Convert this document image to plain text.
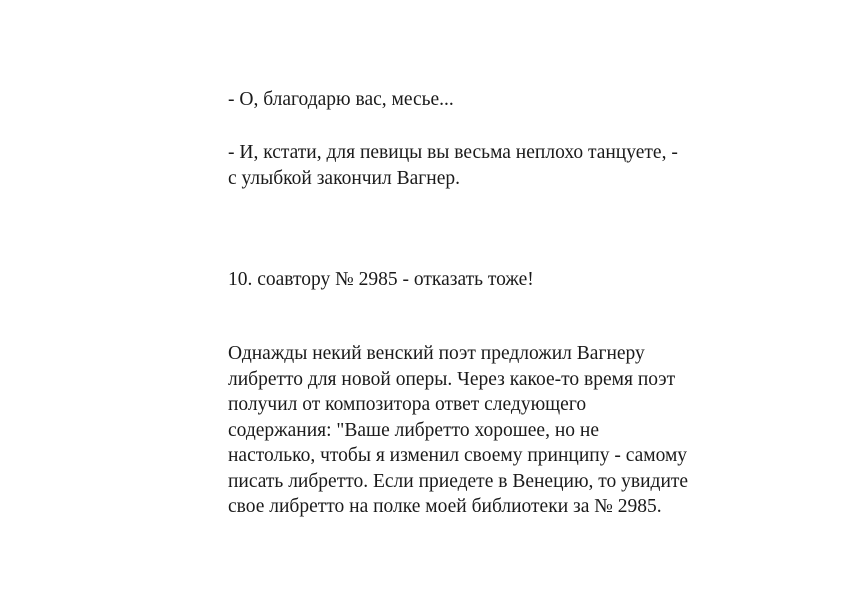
- О, благодарю вас, месье...

- И, кстати, для певицы вы весьма неплохо танцуете, -
с улыбкой закончил Вагнер.

10. соавтору № 2985 - отказать тоже!

Однажды некий венский поэт предложил Вагнеру
либретто для новой оперы. Через какое-то время поэт
получил от композитора ответ следующего
содержания: "Ваше либретто хорошее, но не
настолько, чтобы я изменил своему принципу - самому
писать либретто. Если приедете в Венецию, то увидите
свое либретто на полке моей библиотеки за № 2985.
